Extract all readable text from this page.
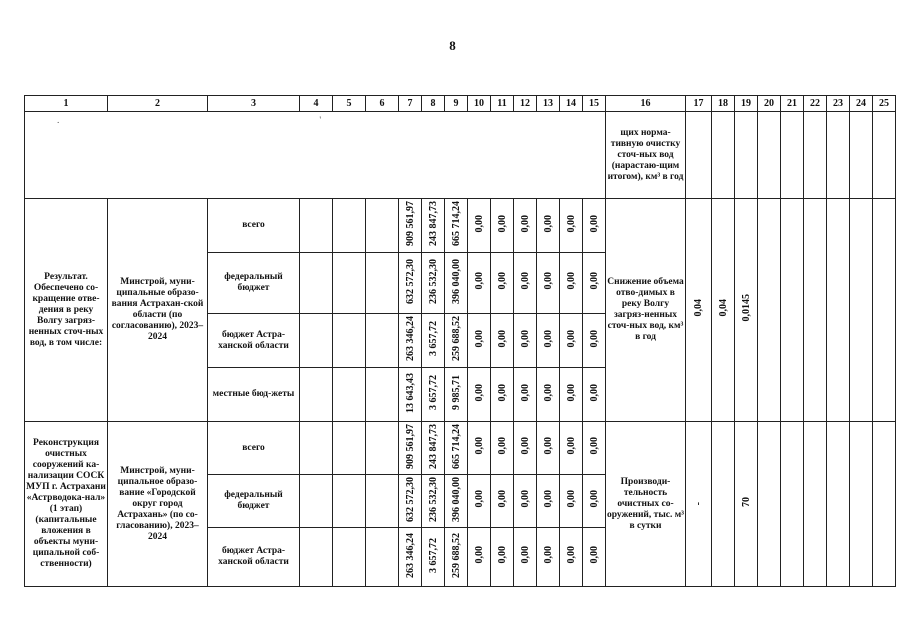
8
1	2	3	4	5	6	7	8	9	10	11	12	13	14	15	16	17	18	19	20	21	22	23	24	25
. '															щих норма-тивную очистку сточ-ных вод (нарастаю-щим итогом), км³ в год									
Результат. Обеспечено со-кращение отве-дения в реку Волгу загряз-ненных сточ-ных вод, в том числе:	Минстрой, муни-ципальные образо-вания Астрахан-ской области (по согласованию), 2023–2024	всего				909 561,97	243 847,73	665 714,24	0,00	0,00	0,00	0,00	0,00	0,00	Снижение объема отво-димых в реку Волгу загряз-ненных сточ-ных вод, км³ в год	0,04	0,04	0,0145						
		федеральный бюджет				632 572,30	236 532,30	396 040,00	0,00	0,00	0,00	0,00	0,00	0,00										
		бюджет Астра-ханской области				263 346,24	3 657,72	259 688,52	0,00	0,00	0,00	0,00	0,00	0,00										
		местные бюд-жеты				13 643,43	3 657,72	9 985,71	0,00	0,00	0,00	0,00	0,00	0,00										
Реконструкция очистных сооружений ка-нализации СОСК МУП г. Астрахани «Астрводока-нал» (1 этап) (капитальные вложения в объекты муни-ципальной соб-ственности)	Минстрой, муни-ципальное образо-вание «Городской округ город Астрахань» (по со-гласованию), 2023–2024	всего				909 561,97	243 847,73	665 714,24	0,00	0,00	0,00	0,00	0,00	0,00	Производи-тельность очистных со-оружений, тыс. м³ в сутки	-		70						
		федеральный бюджет				632 572,30	236 532,30	396 040,00	0,00	0,00	0,00	0,00	0,00	0,00										
		бюджет Астра-ханской области				263 346,24	3 657,72	259 688,52	0,00	0,00	0,00	0,00	0,00	0,00										
